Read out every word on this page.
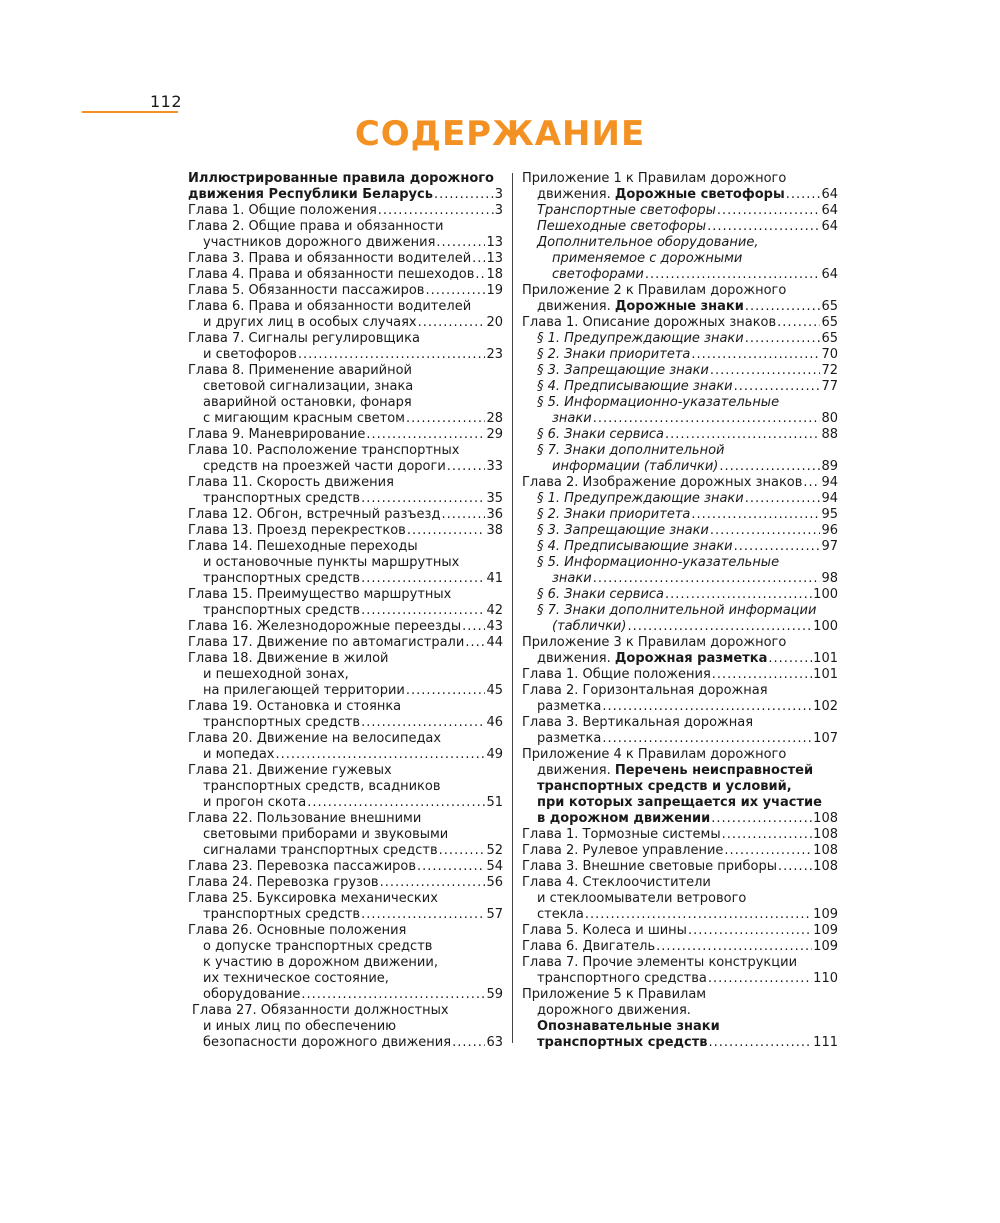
112
СОДЕРЖАНИЕ
Иллюстрированные правила дорожного
движения Республики Беларусь .....	3
Глава 1. Общие положения .....	3
Глава 2. Общие права и обязанности
участников дорожного движения .....	13
Глава 3. Права и обязанности водителей ..... 13
Глава 4. Права и обязанности пешеходов ..... 18
Глава 5. Обязанности пассажиров .....	19
Глава 6. Права и обязанности водителей
и других лиц в особых случаях .....	20
Глава 7. Сигналы регулировщика
и светофоров .....	23
Глава 8. Применение аварийной
световой сигнализации, знака
аварийной остановки, фонаря
с мигающим красным светом .....	28
Глава 9. Маневрирование .....	29
Глава 10. Расположение транспортных
средств на проезжей части дороги .....	33
Глава 11. Скорость движения
транспортных средств .....	35
Глава 12. Обгон, встречный разъезд .....	36
Глава 13. Проезд перекрестков .....	38
Глава 14. Пешеходные переходы
и остановочные пункты маршрутных
транспортных средств .....	41
Глава 15. Преимущество маршрутных
транспортных средств .....	42
Глава 16. Железнодорожные переезды ..... 43
Глава 17. Движение по автомагистрали ..... 44
Глава 18. Движение в жилой
и пешеходной зонах,
на прилегающей территории .....	45
Глава 19. Остановка и стоянка
транспортных средств .....	46
Глава 20. Движение на велосипедах
и мопедах .....	49
Глава 21. Движение гужевых
транспортных средств, всадников
и прогон скота .....	51
Глава 22. Пользование внешними
световыми приборами и звуковыми
сигналами транспортных средств .....	52
Глава 23. Перевозка пассажиров .....	54
Глава 24. Перевозка грузов .....	56
Глава 25. Буксировка механических
транспортных средств .....	57
Глава 26. Основные положения
о допуске транспортных средств
к участию в дорожном движении,
их техническое состояние,
оборудование .....	59
Глава 27. Обязанности должностных
и иных лиц по обеспечению
безопасности дорожного движения .....	63
Приложение 1 к Правилам дорожного
движения. Дорожные светофоры .....	64
Транспортные светофоры .....	64
Пешеходные светофоры .....	64
Дополнительное оборудование,
применяемое с дорожными
светофорами .....	64
Приложение 2 к Правилам дорожного
движения. Дорожные знаки .....	65
Глава 1. Описание дорожных знаков .....	65
§ 1. Предупреждающие знаки .....	65
§ 2. Знаки приоритета .....	70
§ 3. Запрещающие знаки .....	72
§ 4. Предписывающие знаки .....	77
§ 5. Информационно-указательные
знаки .....	80
§ 6. Знаки сервиса .....	88
§ 7. Знаки дополнительной
информации (таблички) .....	89
Глава 2. Изображение дорожных знаков ..... 94
§ 1. Предупреждающие знаки .....	94
§ 2. Знаки приоритета .....	95
§ 3. Запрещающие знаки .....	96
§ 4. Предписывающие знаки .....	97
§ 5. Информационно-указательные
знаки .....	98
§ 6. Знаки сервиса .....	100
§ 7. Знаки дополнительной информации
(таблички) .....	100
Приложение 3 к Правилам дорожного
движения. Дорожная разметка .....	101
Глава 1. Общие положения .....	101
Глава 2. Горизонтальная дорожная
разметка .....	102
Глава 3. Вертикальная дорожная
разметка .....	107
Приложение 4 к Правилам дорожного
движения. Перечень неисправностей
транспортных средств и условий,
при которых запрещается их участие
в дорожном движении .....	108
Глава 1. Тормозные системы .....	108
Глава 2. Рулевое управление .....	108
Глава 3. Внешние световые приборы .....	108
Глава 4. Стеклоочистители
и стеклоомыватели ветрового
стекла .....	109
Глава 5. Колеса и шины .....	109
Глава 6. Двигатель .....	109
Глава 7. Прочие элементы конструкции
транспортного средства .....	110
Приложение 5 к Правилам
дорожного движения.
Опознавательные знаки
транспортных средств .....	111
